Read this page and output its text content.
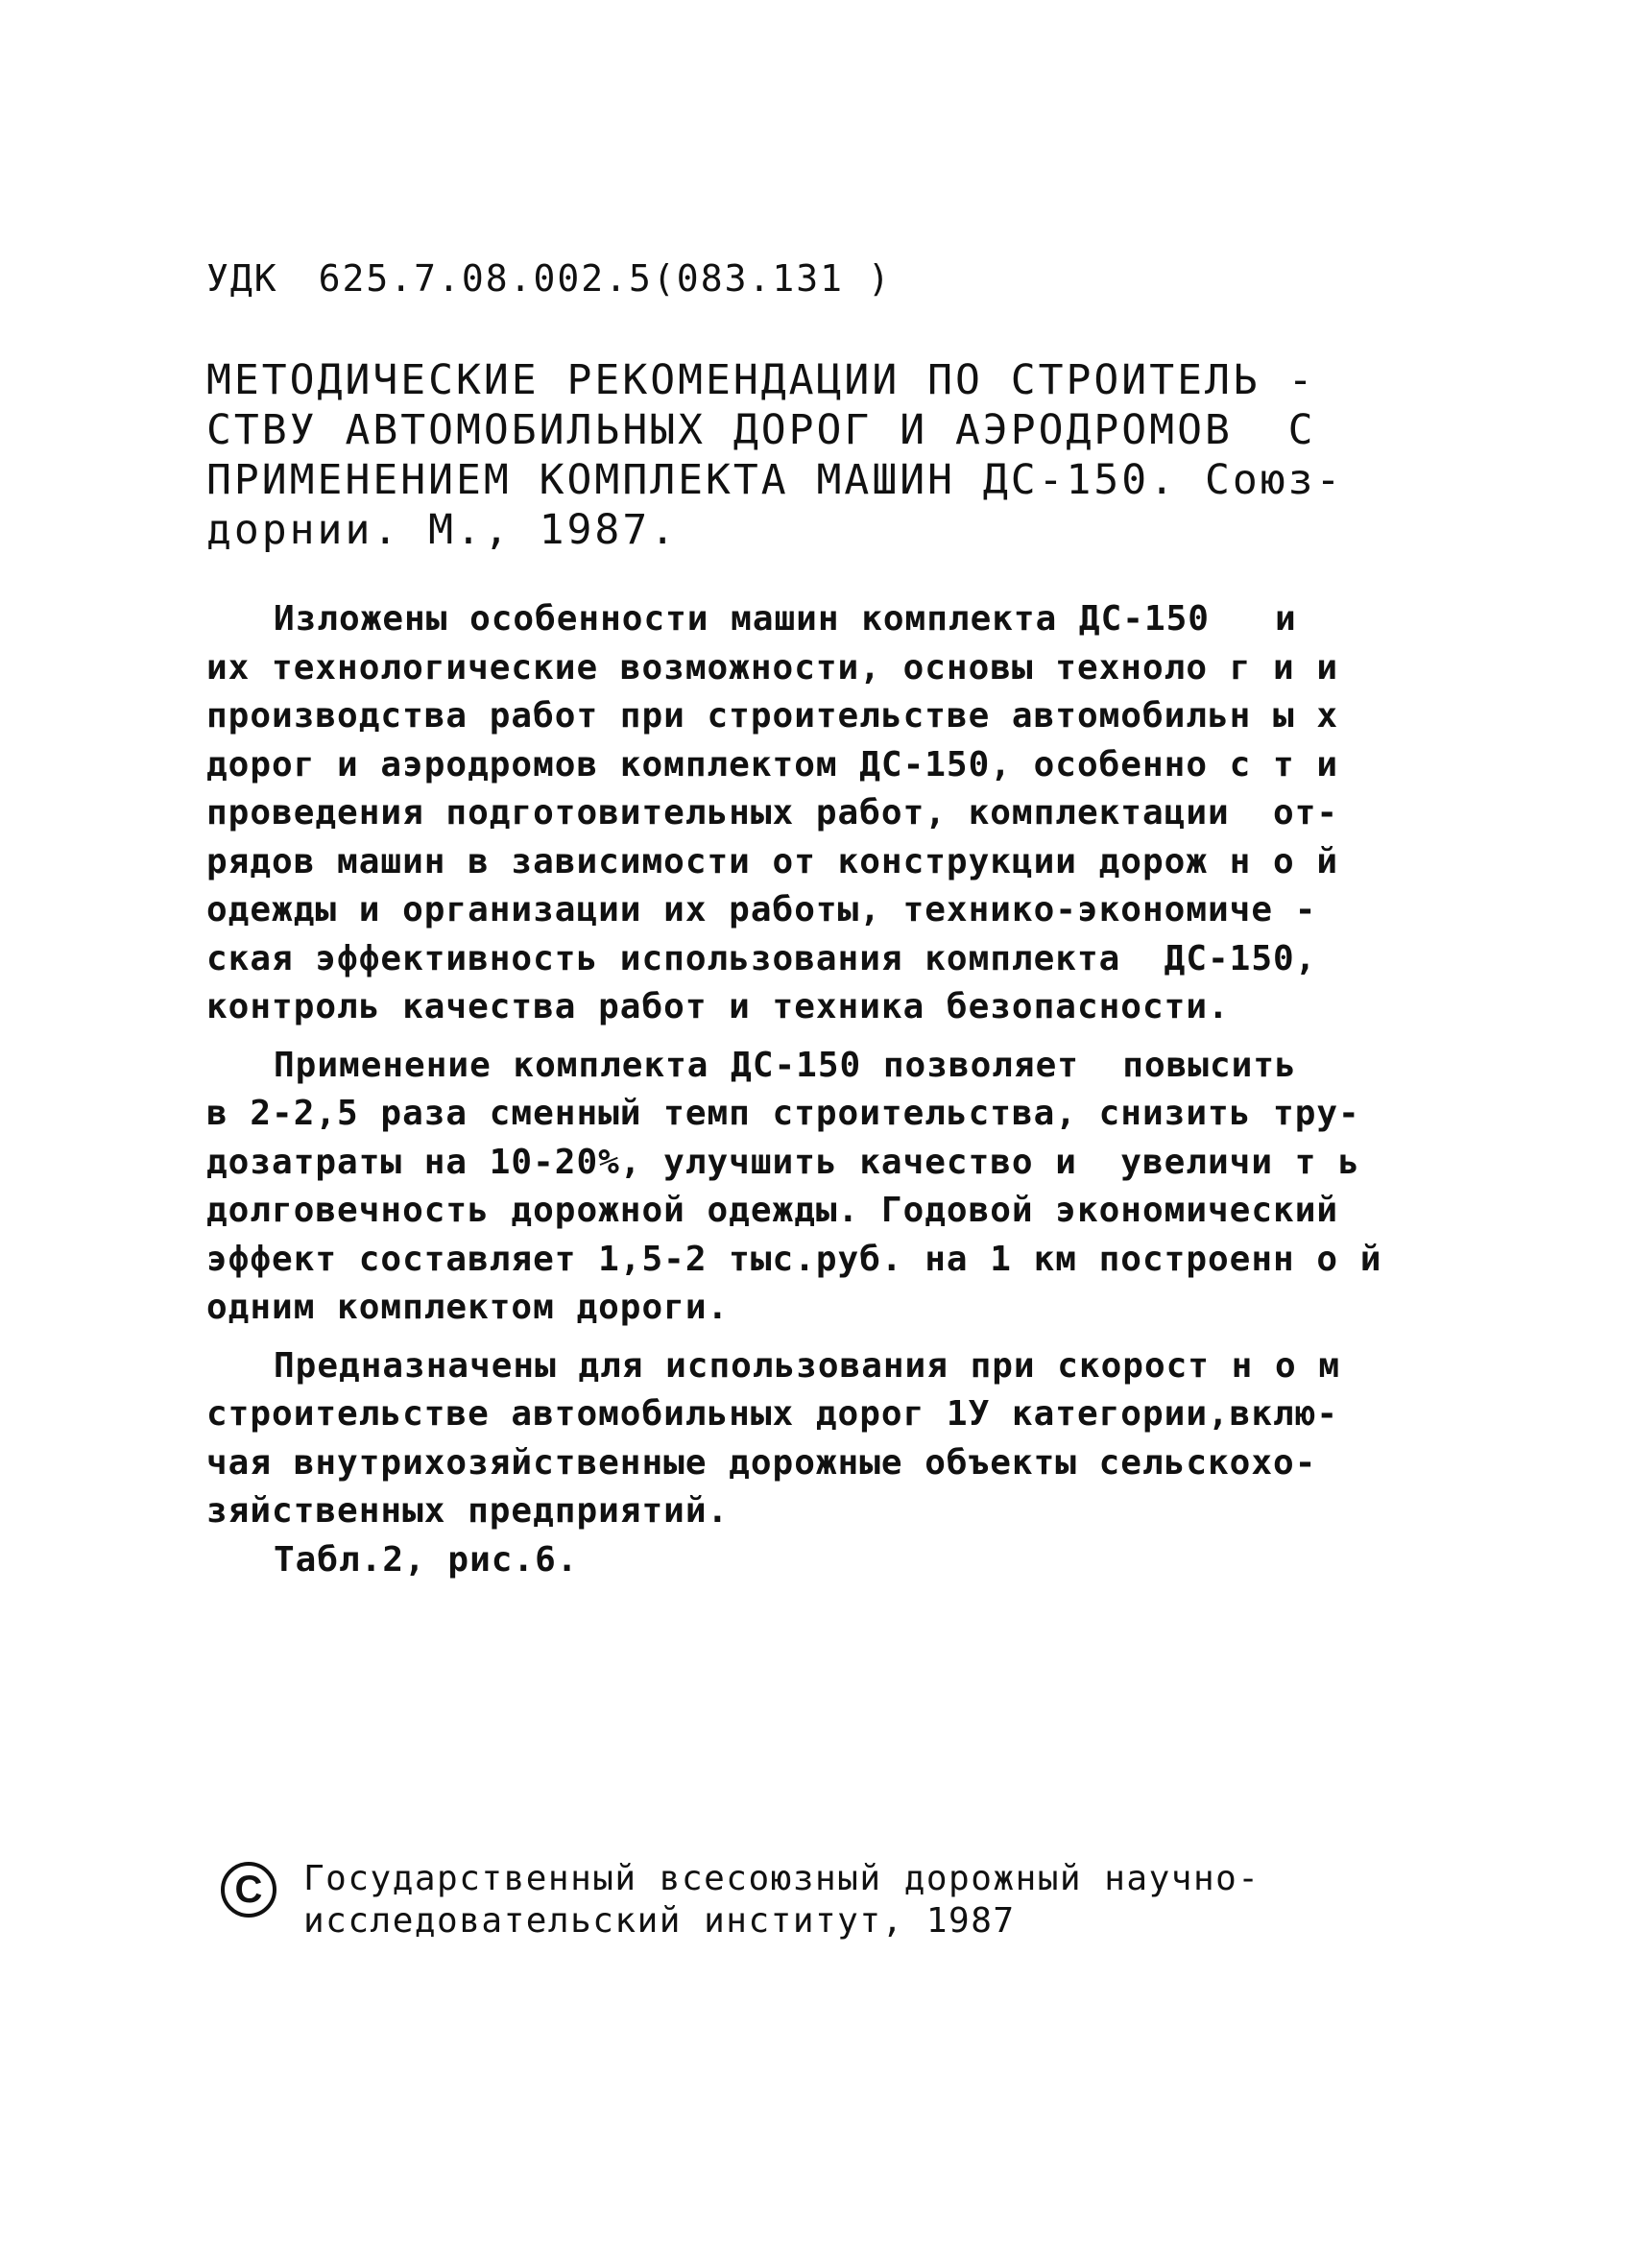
УДК 625.7.08.002.5(083.131 )
МЕТОДИЧЕСКИЕ РЕКОМЕНДАЦИИ ПО СТРОИТЕЛЬ -
СТВУ АВТОМОБИЛЬНЫХ ДОРОГ И АЭРОДРОМОВ  С
ПРИМЕНЕНИЕМ КОМПЛЕКТА МАШИН ДС-150. Союз-
дорнии. М., 1987.
Изложены особенности машин комплекта ДС-150   и
их технологические возможности, основы техноло г и и
производства работ при строительстве автомобильн ы х
дорог и аэродромов комплектом ДС-150, особенно с т и
проведения подготовительных работ, комплектации  от-
рядов машин в зависимости от конструкции дорож н о й
одежды и организации их работы, технико-экономиче -
ская эффективность использования комплекта  ДС-150,
контроль качества работ и техника безопасности.
Применение комплекта ДС-150 позволяет  повысить
в 2-2,5 раза сменный темп строительства, снизить тру-
дозатраты на 10-20%, улучшить качество и  увеличи т ь
долговечность дорожной одежды. Годовой экономический
эффект составляет 1,5-2 тыс.руб. на 1 км построенн о й
одним комплектом дороги.
Предназначены для использования при скорост н о м
строительстве автомобильных дорог 1У категории,вклю-
чая внутрихозяйственные дорожные объекты сельскохо-
зяйственных предприятий.
Табл.2, рис.6.
C	Государственный всесоюзный дорожный научно-
исследовательский институт, 1987
